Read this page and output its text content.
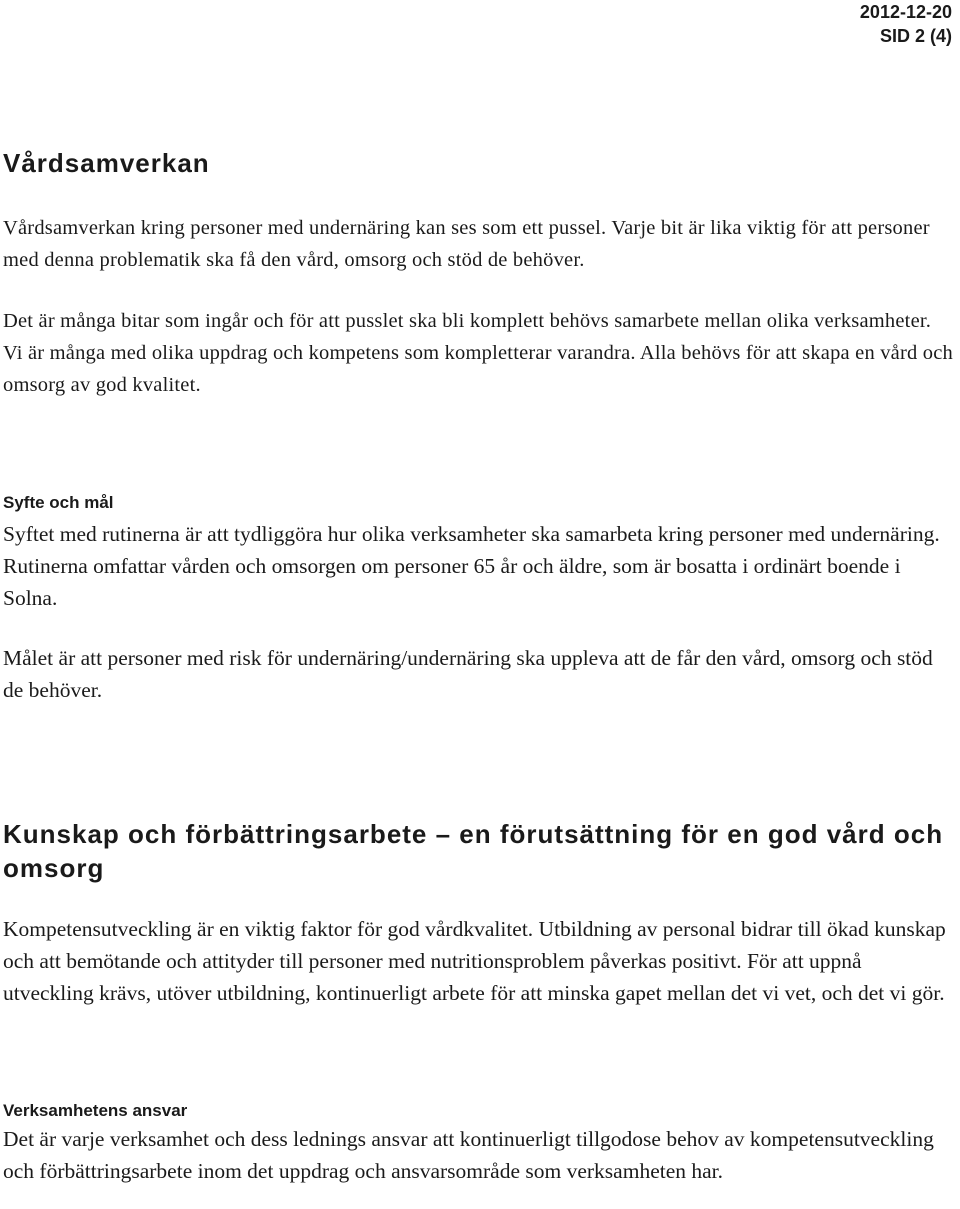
2012-12-20
SID 2 (4)
Vårdsamverkan

Vårdsamverkan kring personer med undernäring kan ses som ett pussel. Varje bit är lika viktig för att personer med denna problematik ska få den vård, omsorg och stöd de behöver.

Det är många bitar som ingår och för att pusslet ska bli komplett behövs samarbete mellan olika verksamheter. Vi är många med olika uppdrag och kompetens som kompletterar varandra. Alla behövs för att skapa en vård och omsorg av god kvalitet.

Syfte och mål

Syftet med rutinerna är att tydliggöra hur olika verksamheter ska samarbeta kring personer med undernäring. Rutinerna omfattar vården och omsorgen om personer 65 år och äldre, som är bosatta i ordinärt boende i Solna.

Målet är att personer med risk för undernäring/undernäring ska uppleva att de får den vård, omsorg och stöd de behöver.

Kunskap och förbättringsarbete – en förutsättning för en god vård och omsorg

Kompetensutveckling är en viktig faktor för god vårdkvalitet. Utbildning av personal bidrar till ökad kunskap och att bemötande och attityder till personer med nutritionsproblem påverkas positivt. För att uppnå utveckling krävs, utöver utbildning, kontinuerligt arbete för att minska gapet mellan det vi vet, och det vi gör.

Verksamhetens ansvar

Det är varje verksamhet och dess lednings ansvar att kontinuerligt tillgodose behov av kompetensutveckling och förbättringsarbete inom det uppdrag och ansvarsområde som verksamheten har.
